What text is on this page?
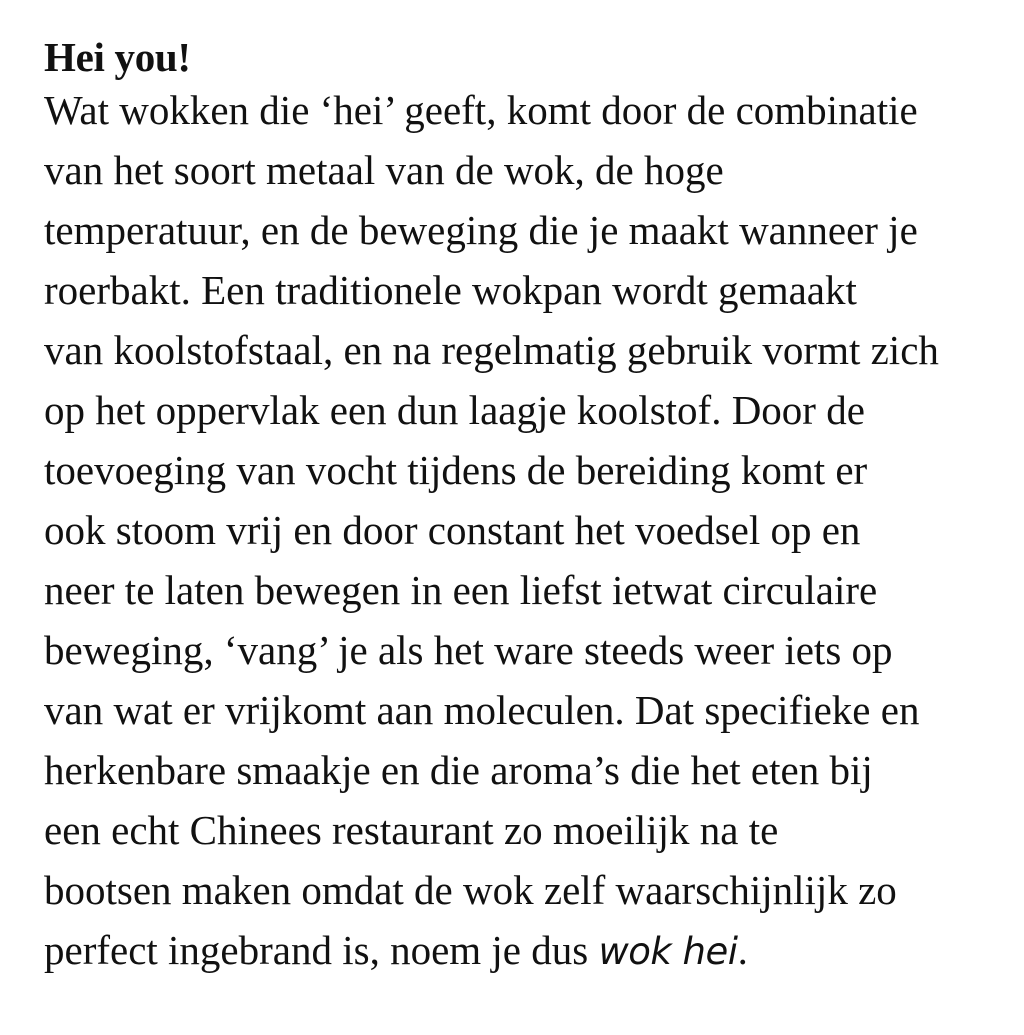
Hei you!
Wat wokken die ‘hei’ geeft, komt door de combinatie
van het soort metaal van de wok, de hoge
temperatuur, en de beweging die je maakt wanneer je
roerbakt. Een traditionele wokpan wordt gemaakt
van koolstofstaal, en na regelmatig gebruik vormt zich
op het oppervlak een dun laagje koolstof. Door de
toevoeging van vocht tijdens de bereiding komt er
ook stoom vrij en door constant het voedsel op en
neer te laten bewegen in een liefst ietwat circulaire
beweging, ‘vang’ je als het ware steeds weer iets op
van wat er vrijkomt aan moleculen. Dat specifieke en
herkenbare smaakje en die aroma’s die het eten bij
een echt Chinees restaurant zo moeilijk na te
bootsen maken omdat de wok zelf waarschijnlijk zo
perfect ingebrand is, noem je dus wok hei.
